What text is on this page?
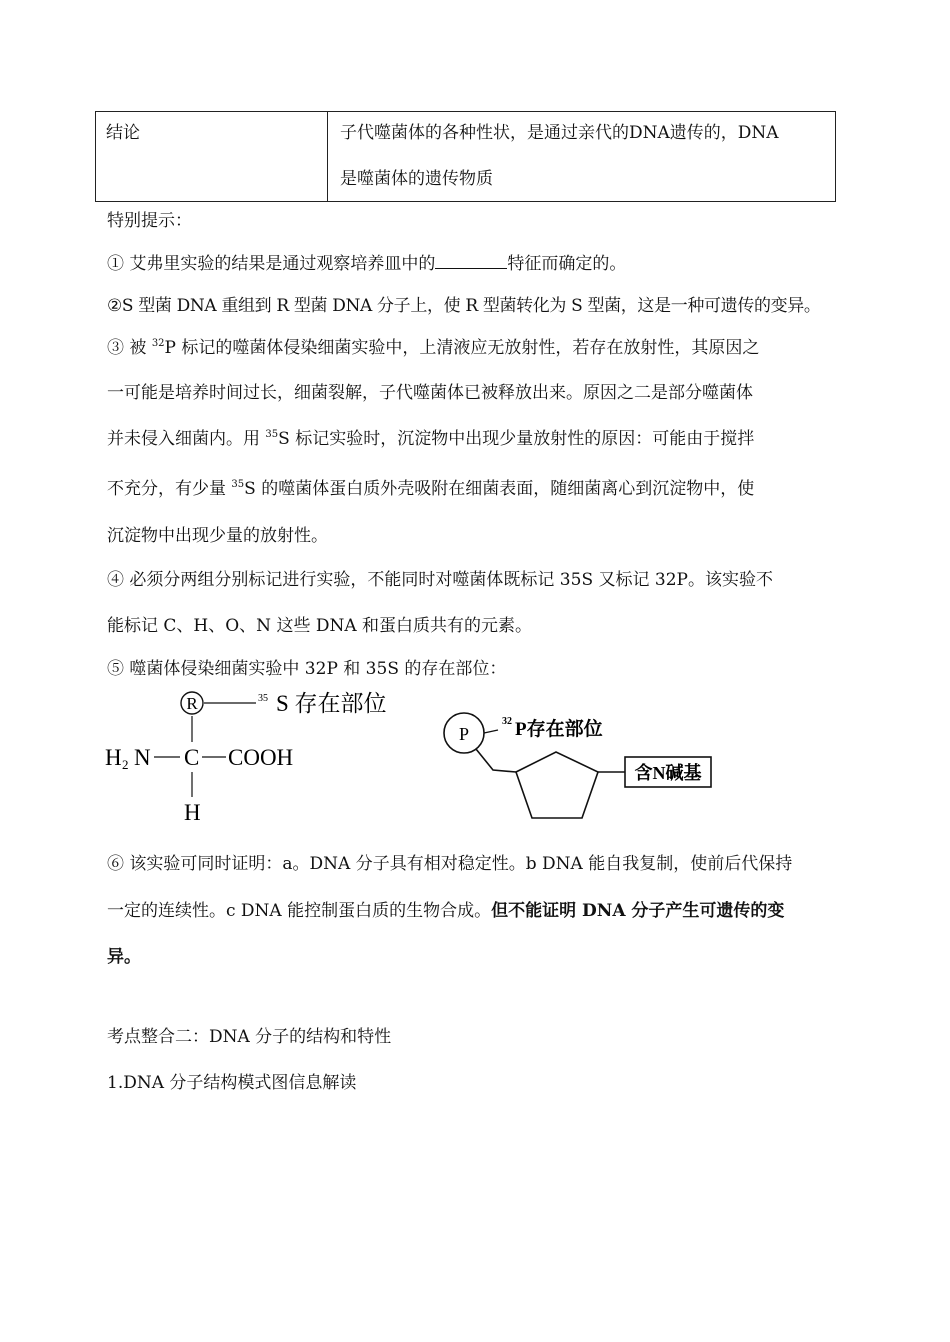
结论	子代噬菌体的各种性状，是通过亲代的DNA遗传的，DNA
是噬菌体的遗传物质
特别提示：
① 艾弗里实验的结果是通过观察培养皿中的	特征而确定的。
②S 型菌 DNA 重组到 R 型菌 DNA 分子上，使 R 型菌转化为 S 型菌，这是一种可遗传的变异。
③ 被 $^{32}$P 标记的噬菌体侵染细菌实验中，上清液应无放射性，若存在放射性，其原因之
一可能是培养时间过长，细菌裂解，子代噬菌体已被释放出来。原因之二是部分噬菌体
并未侵入细菌内。用 $^{35}$S 标记实验时，沉淀物中出现少量放射性的原因：可能由于搅拌
不充分，有少量 $^{35}$S 的噬菌体蛋白质外壳吸附在细菌表面，随细菌离心到沉淀物中，使
沉淀物中出现少量的放射性。
④ 必须分两组分别标记进行实验，不能同时对噬菌体既标记 35S 又标记 32P。该实验不
能标记 C、H、O、N 这些 DNA 和蛋白质共有的元素。
⑤ 噬菌体侵染细菌实验中 32P 和 35S 的存在部位：
R	35 S 存在部位
H 2 N C COOH
H
P
32 P存在部位
含N碱基
⑥ 该实验可同时证明：a。DNA 分子具有相对稳定性。b DNA 能自我复制，使前后代保持
一定的连续性。c DNA 能控制蛋白质的生物合成。但不能证明 DNA 分子产生可遗传的变
异。
考点整合二：DNA 分子的结构和特性
1.DNA 分子结构模式图信息解读
